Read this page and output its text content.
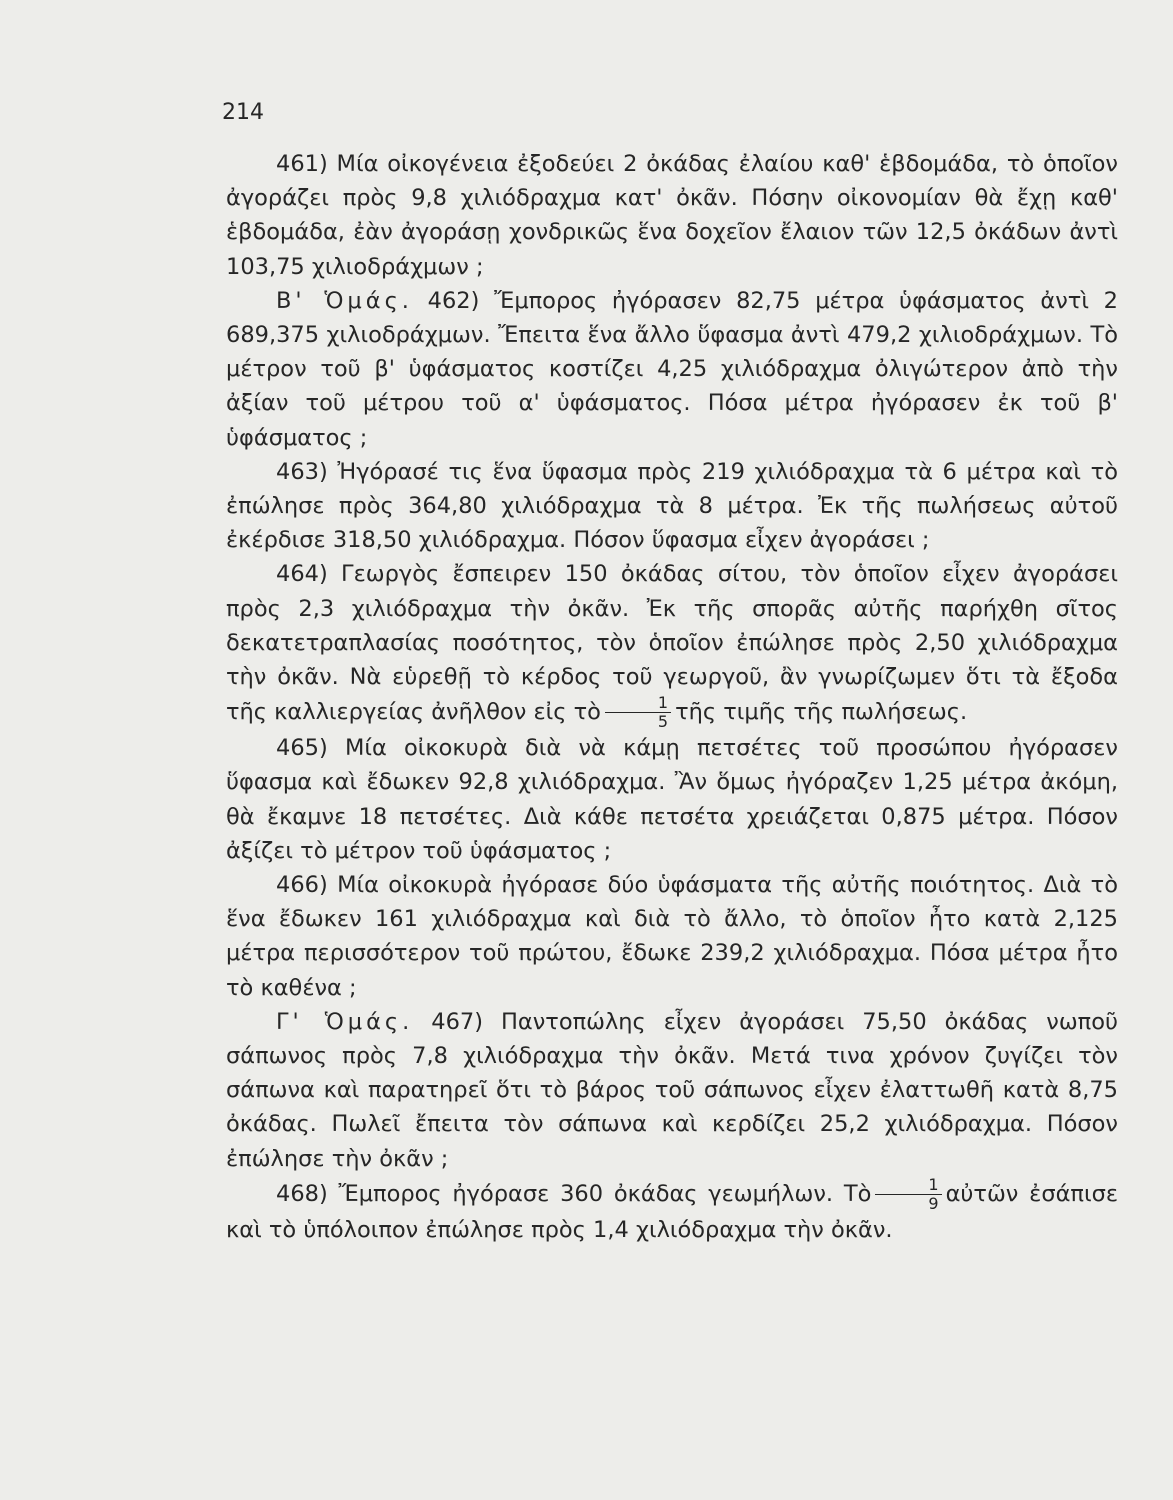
214

461) Μία οἰκογένεια ἐξοδεύει 2 ὀκάδας ἐλαίου καθ' ἑβδομάδα, τὸ ὁποῖον ἀγοράζει πρὸς 9,8 χιλιόδραχμα κατ' ὀκᾶν. Πόσην οἰκονομίαν θὰ ἔχῃ καθ' ἑβδομάδα, ἐὰν ἀγοράσῃ χονδρικῶς ἕνα δοχεῖον ἔλαιον τῶν 12,5 ὀκάδων ἀντὶ 103,75 χιλιοδράχμων ;

Β' Ὁμάς. 462) Ἔμπορος ἠγόρασεν 82,75 μέτρα ὑφάσματος ἀντὶ 2 689,375 χιλιοδράχμων. Ἔπειτα ἕνα ἄλλο ὕφασμα ἀντὶ 479,2 χιλιοδράχμων. Τὸ μέτρον τοῦ β' ὑφάσματος κοστίζει 4,25 χιλιόδραχμα ὀλιγώτερον ἀπὸ τὴν ἀξίαν τοῦ μέτρου τοῦ α' ὑφάσματος. Πόσα μέτρα ἠγόρασεν ἐκ τοῦ β' ὑφάσματος ;

463) Ἠγόρασέ τις ἕνα ὕφασμα πρὸς 219 χιλιόδραχμα τὰ 6 μέτρα καὶ τὸ ἐπώλησε πρὸς 364,80 χιλιόδραχμα τὰ 8 μέτρα. Ἐκ τῆς πωλήσεως αὐτοῦ ἐκέρδισε 318,50 χιλιόδραχμα. Πόσον ὕφασμα εἶχεν ἀγοράσει ;

464) Γεωργὸς ἔσπειρεν 150 ὀκάδας σίτου, τὸν ὁποῖον εἶχεν ἀγοράσει πρὸς 2,3 χιλιόδραχμα τὴν ὀκᾶν. Ἐκ τῆς σπορᾶς αὐτῆς παρήχθη σῖτος δεκατετραπλασίας ποσότητος, τὸν ὁποῖον ἐπώλησε πρὸς 2,50 χιλιόδραχμα τὴν ὀκᾶν. Νὰ εὑρεθῇ τὸ κέρδος τοῦ γεωργοῦ, ἂν γνωρίζωμεν ὅτι τὰ ἔξοδα τῆς καλλιεργείας ἀνῆλθον εἰς τὸ $\frac{1}{5}$ τῆς τιμῆς τῆς πωλήσεως.

465) Μία οἰκοκυρὰ διὰ νὰ κάμῃ πετσέτες τοῦ προσώπου ἠγόρασεν ὕφασμα καὶ ἔδωκεν 92,8 χιλιόδραχμα. Ἂν ὅμως ἠγόραζεν 1,25 μέτρα ἀκόμη, θὰ ἔκαμνε 18 πετσέτες. Διὰ κάθε πετσέτα χρειάζεται 0,875 μέτρα. Πόσον ἀξίζει τὸ μέτρον τοῦ ὑφάσματος ;

466) Μία οἰκοκυρὰ ἠγόρασε δύο ὑφάσματα τῆς αὐτῆς ποιότητος. Διὰ τὸ ἕνα ἔδωκεν 161 χιλιόδραχμα καὶ διὰ τὸ ἄλλο, τὸ ὁποῖον ἦτο κατὰ 2,125 μέτρα περισσότερον τοῦ πρώτου, ἔδωκε 239,2 χιλιόδραχμα. Πόσα μέτρα ἦτο τὸ καθένα ;

Γ' Ὁμάς. 467) Παντοπώλης εἶχεν ἀγοράσει 75,50 ὀκάδας νωποῦ σάπωνος πρὸς 7,8 χιλιόδραχμα τὴν ὀκᾶν. Μετά τινα χρόνον ζυγίζει τὸν σάπωνα καὶ παρατηρεῖ ὅτι τὸ βάρος τοῦ σάπωνος εἶχεν ἐλαττωθῆ κατὰ 8,75 ὀκάδας. Πωλεῖ ἔπειτα τὸν σάπωνα καὶ κερδίζει 25,2 χιλιόδραχμα. Πόσον ἐπώλησε τὴν ὀκᾶν ;

468) Ἔμπορος ἠγόρασε 360 ὀκάδας γεωμήλων. Τὸ $\frac{1}{9}$ αὐτῶν ἐσάπισε καὶ τὸ ὑπόλοιπον ἐπώλησε πρὸς 1,4 χιλιόδραχμα τὴν ὀκᾶν.
